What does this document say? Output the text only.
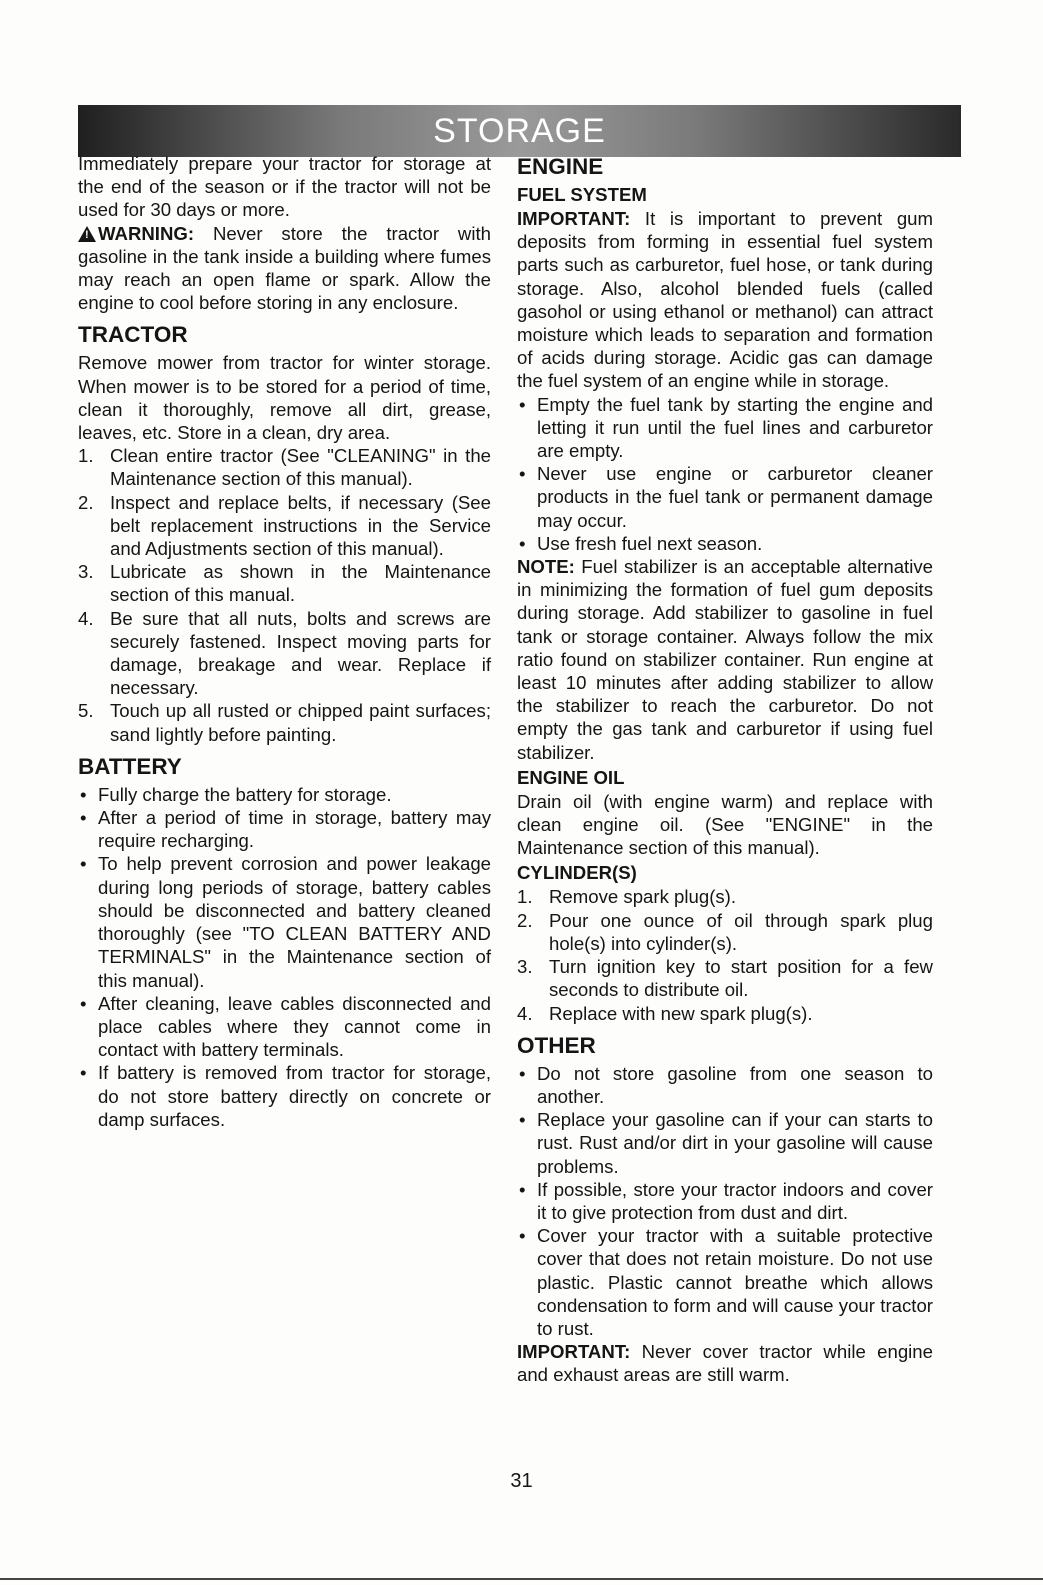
STORAGE

Immediately prepare your tractor for storage at the end of the season or if the tractor will not be used for 30 days or more.

!WARNING: Never store the tractor with gasoline in the tank inside a building where fumes may reach an open flame or spark. Allow the engine to cool before storing in any enclosure.

TRACTOR

Remove mower from tractor for winter storage. When mower is to be stored for a period of time, clean it thoroughly, remove all dirt, grease, leaves, etc. Store in a clean, dry area.

1. Clean entire tractor (See "CLEANING" in the Maintenance section of this manual).
2. Inspect and replace belts, if necessary (See belt replacement instructions in the Service and Adjustments section of this manual).
3. Lubricate as shown in the Maintenance section of this manual.
4. Be sure that all nuts, bolts and screws are securely fastened. Inspect moving parts for damage, breakage and wear. Replace if necessary.
5. Touch up all rusted or chipped paint surfaces; sand lightly before painting.
BATTERY
• Fully charge the battery for storage.
• After a period of time in storage, battery may require recharging.
• To help prevent corrosion and power leakage during long periods of storage, battery cables should be disconnected and battery cleaned thoroughly (see "TO CLEAN BATTERY AND TERMINALS" in the Maintenance section of this manual).
• After cleaning, leave cables disconnected and place cables where they cannot come in contact with battery terminals.
• If battery is removed from tractor for storage, do not store battery directly on concrete or damp surfaces.
ENGINE
FUEL SYSTEM

IMPORTANT: It is important to prevent gum deposits from forming in essential fuel system parts such as carburetor, fuel hose, or tank during storage. Also, alcohol blended fuels (called gasohol or using ethanol or methanol) can attract moisture which leads to separation and formation of acids during storage. Acidic gas can damage the fuel system of an engine while in storage.

• Empty the fuel tank by starting the engine and letting it run until the fuel lines and carburetor are empty.
• Never use engine or carburetor cleaner products in the fuel tank or permanent damage may occur.
• Use fresh fuel next season.

NOTE: Fuel stabilizer is an acceptable alternative in minimizing the formation of fuel gum deposits during storage. Add stabilizer to gasoline in fuel tank or storage container. Always follow the mix ratio found on stabilizer container. Run engine at least 10 minutes after adding stabilizer to allow the stabilizer to reach the carburetor. Do not empty the gas tank and carburetor if using fuel stabilizer.

ENGINE OIL

Drain oil (with engine warm) and replace with clean engine oil. (See "ENGINE" in the Maintenance section of this manual).

CYLINDER(S)
1. Remove spark plug(s).
2. Pour one ounce of oil through spark plug hole(s) into cylinder(s).
3. Turn ignition key to start position for a few seconds to distribute oil.
4. Replace with new spark plug(s).
OTHER
• Do not store gasoline from one season to another.
• Replace your gasoline can if your can starts to rust. Rust and/or dirt in your gasoline will cause problems.
• If possible, store your tractor indoors and cover it to give protection from dust and dirt.
• Cover your tractor with a suitable protective cover that does not retain moisture. Do not use plastic. Plastic cannot breathe which allows condensation to form and will cause your tractor to rust.

IMPORTANT: Never cover tractor while engine and exhaust areas are still warm.

31
